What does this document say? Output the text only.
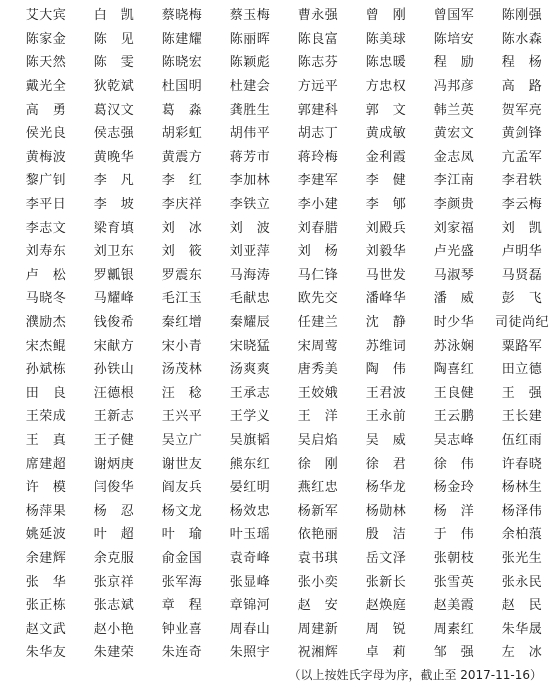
艾大宾	白　凯	蔡晓梅	蔡玉梅	曹永强	曾　刚	曾国军	陈刚强
陈家金	陈　见	陈建耀	陈丽晖	陈良富	陈美球	陈培安	陈水森
陈天然	陈　雯	陈晓宏	陈颖彪	陈志芬	陈忠暖	程　励	程　杨
戴光全	狄乾斌	杜国明	杜建会	方远平	方忠权	冯邦彦	高　路
高　勇	葛汉文	葛　淼	龚胜生	郭建科	郭　文	韩兰英	贺军亮
侯光良	侯志强	胡彩虹	胡伟平	胡志丁	黄成敏	黄宏文	黄剑锋
黄梅波	黄晚华	黄震方	蒋芳市	蒋玲梅	金利霞	金志凤	亢孟军
黎广钊	李　凡	李　红	李加林	李建军	李　健	李江南	李君轶
李平日	李　坡	李庆祥	李铁立	李小建	李　郇	李颜贵	李云梅
李志文	梁育填	刘　冰	刘　波	刘春腊	刘殿兵	刘家福	刘　凯
刘寿东	刘卫东	刘　筱	刘亚萍	刘　杨	刘毅华	卢光盛	卢明华
卢　松	罗瓤银	罗震东	马海涛	马仁锋	马世发	马淑琴	马贤磊
马晓冬	马耀峰	毛江玉	毛献忠	欧先交	潘峰华	潘　威	彭　飞
濮励杰	钱俊希	秦红增	秦耀辰	任建兰	沈　静	时少华	司徒尚纪
宋杰鲲	宋献方	宋小青	宋晓猛	宋周莺	苏维词	苏泳娴	粟路军
孙斌栋	孙铁山	汤茂林	汤爽爽	唐秀美	陶　伟	陶喜红	田立德
田　良	汪德根	汪　稔	王承志	王姣娥	王君波	王良健	王　强
王荣成	王新志	王兴平	王学义	王　洋	王永前	王云鹏	王长建
王　真	王子健	吴立广	吴旗韬	吴启焰	吴　威	吴志峰	伍红雨
席建超	谢炳庚	谢世友	熊东红	徐　刚	徐　君	徐　伟	许春晓
许　模	闫俊华	阎友兵	晏红明	燕红忠	杨华龙	杨金玲	杨林生
杨萍果	杨　忍	杨文龙	杨效忠	杨新军	杨勋林	杨　洋	杨泽伟
姚延波	叶　超	叶　瑜	叶玉瑶	依艳丽	殷　洁	于　伟	余柏蒗
余建辉	余克服	俞金国	袁奇峰	袁书琪	岳文泽	张朝枝	张光生
张　华	张京祥	张军海	张显峰	张小奕	张新长	张雪英	张永民
张正栋	张志斌	章　程	章锦河	赵　安	赵焕庭	赵美霞	赵　民
赵文武	赵小艳	钟业喜	周春山	周建新	周　锐	周素红	朱华晟
朱华友	朱建荣	朱连奇	朱照宇	祝湘辉	卓　莉	邹　强	左　冰
（以上按姓氏字母为序，截止至 2017-11-16）
